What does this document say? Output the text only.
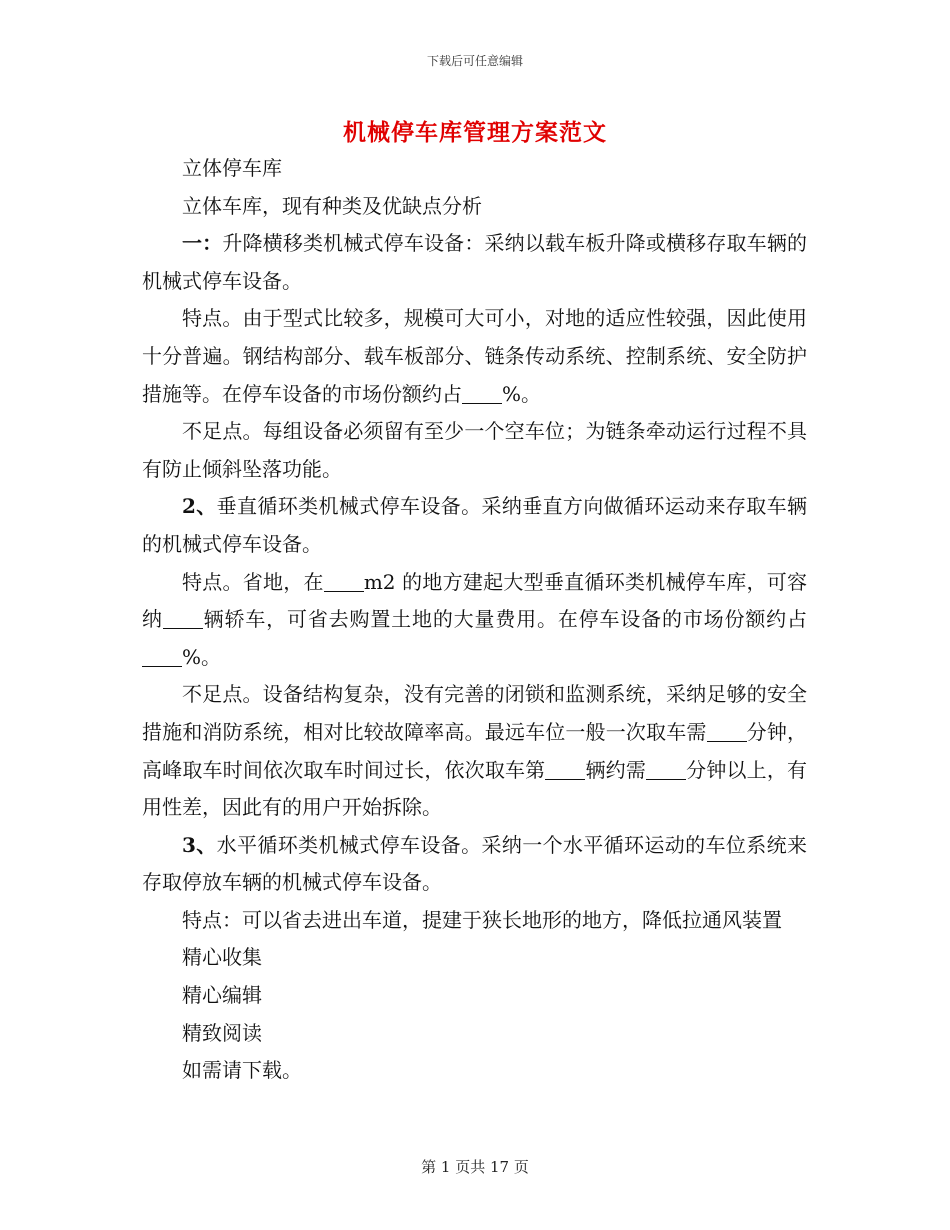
下载后可任意编辑
机械停车库管理方案范文

立体停车库

立体车库，现有种类及优缺点分析

一：升降横移类机械式停车设备：采纳以载车板升降或横移存取车辆的机械式停车设备。

特点。由于型式比较多，规模可大可小，对地的适应性较强，因此使用十分普遍。钢结构部分、载车板部分、链条传动系统、控制系统、安全防护措施等。在停车设备的市场份额约占 %。

不足点。每组设备必须留有至少一个空车位；为链条牵动运行过程不具有防止倾斜坠落功能。

2、垂直循环类机械式停车设备。采纳垂直方向做循环运动来存取车辆的机械式停车设备。

特点。省地，在 m2 的地方建起大型垂直循环类机械停车库，可容纳 辆轿车，可省去购置土地的大量费用。在停车设备的市场份额约占%。

不足点。设备结构复杂，没有完善的闭锁和监测系统，采纳足够的安全措施和消防系统，相对比较故障率高。最远车位一般一次取车需 分钟，高峰取车时间依次取车时间过长，依次取车第 辆约需 分钟以上，有用性差，因此有的用户开始拆除。

3、水平循环类机械式停车设备。采纳一个水平循环运动的车位系统来存取停放车辆的机械式停车设备。

特点：可以省去进出车道，提建于狭长地形的地方，降低拉通风装置

精心收集

精心编辑

精致阅读

如需请下载。

第 1 页共 17 页
